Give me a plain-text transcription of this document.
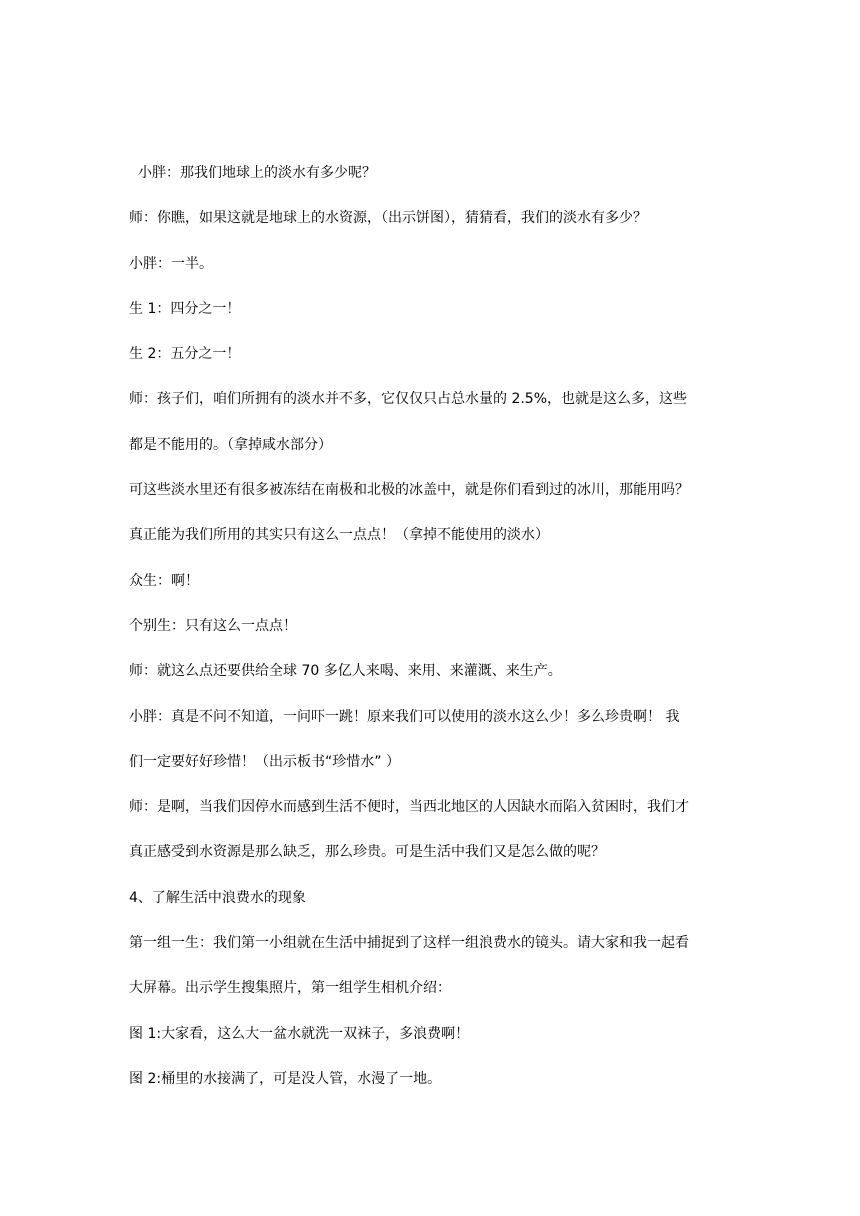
小胖：那我们地球上的淡水有多少呢？
师：你瞧，如果这就是地球上的水资源，（出示饼图），猜猜看，我们的淡水有多少？
小胖：一半。
生 1：四分之一！
生 2：五分之一！
师：孩子们，咱们所拥有的淡水并不多，它仅仅只占总水量的 2.5%，也就是这么多，这些
都是不能用的。（拿掉咸水部分）
可这些淡水里还有很多被冻结在南极和北极的冰盖中，就是你们看到过的冰川，那能用吗？
真正能为我们所用的其实只有这么一点点！（拿掉不能使用的淡水）
众生：啊！
个别生：只有这么一点点！
师：就这么点还要供给全球 70 多亿人来喝、来用、来灌溉、来生产。
小胖：真是不问不知道，一问吓一跳！原来我们可以使用的淡水这么少！多么珍贵啊！ 我
们一定要好好珍惜！（出示板书“珍惜水” ）
师：是啊，当我们因停水而感到生活不便时，当西北地区的人因缺水而陷入贫困时，我们才
真正感受到水资源是那么缺乏，那么珍贵。可是生活中我们又是怎么做的呢？
4、了解生活中浪费水的现象
第一组一生：我们第一小组就在生活中捕捉到了这样一组浪费水的镜头。请大家和我一起看
大屏幕。出示学生搜集照片，第一组学生相机介绍：
图 1:大家看，这么大一盆水就洗一双袜子，多浪费啊！
图 2:桶里的水接满了，可是没人管，水漫了一地。
